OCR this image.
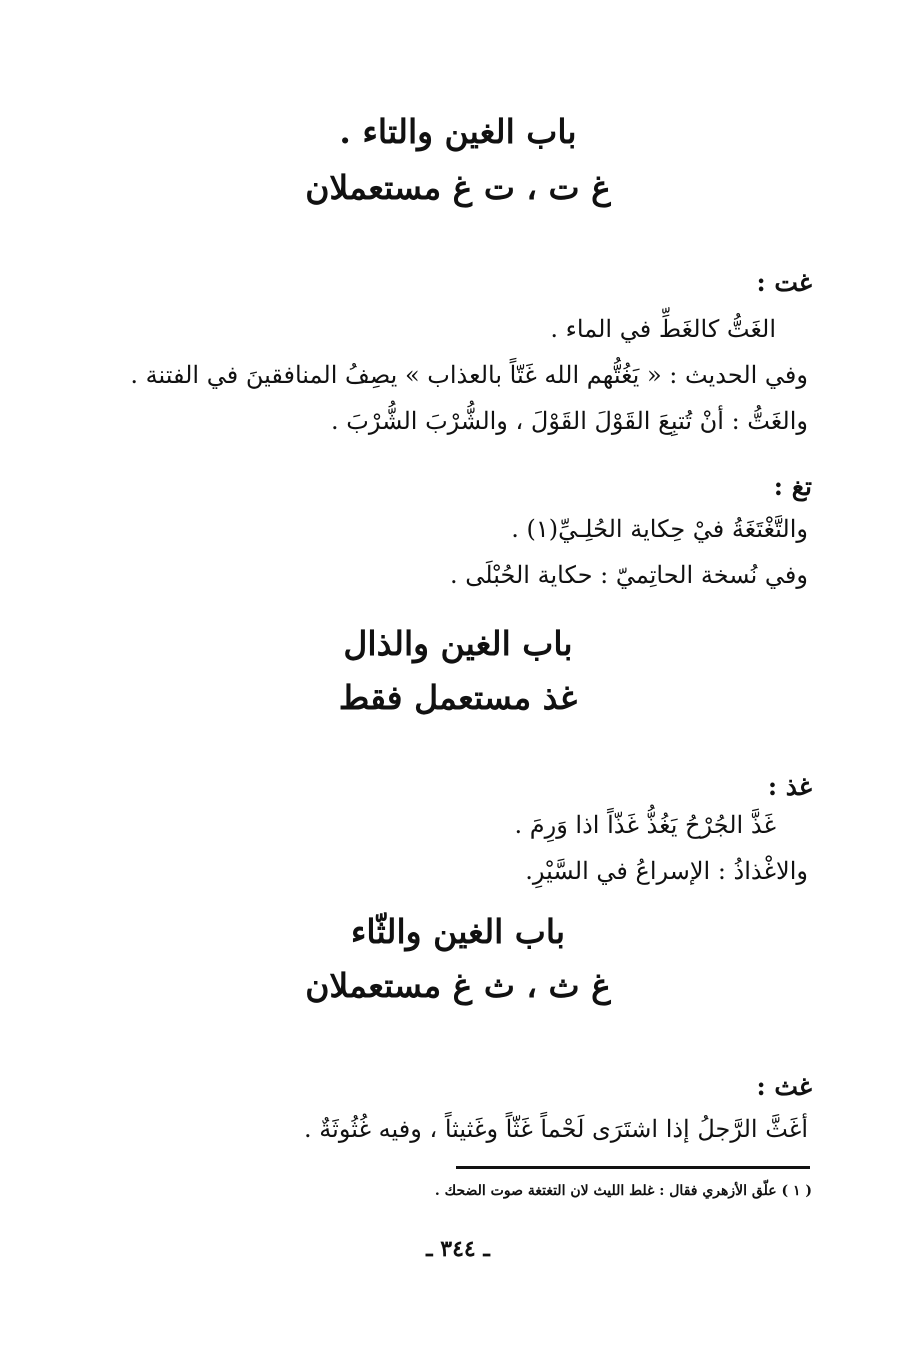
باب الغين والتاء .
غ ت ، ت غ مستعملان
غت :
الغَتُّ كالغَطِّ في الماء .
وفي الحديث : « يَغُتُّهم الله غَتّاً بالعذاب » يصِفُ المنافقينَ في الفتنة .
والغَتُّ : أنْ تُتبِعَ القَوْلَ القَوْلَ ، والشُّرْبَ الشُّرْبَ .
تغ :
والتَّغْتَغَةُ فيْ حِكاية الحُلِـيِّ(١) .
وفي نُسخة الحاتِميّ : حكاية الحُبْلَى .
باب الغين والذال
غذ مستعمل فقط
غذ :
غَذَّ الجُرْحُ يَغُذُّ غَذّاً اذا وَرِمَ .
والاغْذاذُ : الإسراعُ في السَّيْرِ.
باب الغين والثّاء
غ ث ، ث غ مستعملان
غث :
أغَثَّ الرَّجلُ إذا اشتَرَى لَحْماً غَثّاً وغَثيثاً ، وفيه غُثُوثَةٌ .
( ١ ) علّق الأزهري فقال : غلط الليث لان التغتغة صوت الضحك .
ـ ٣٤٤ ـ
